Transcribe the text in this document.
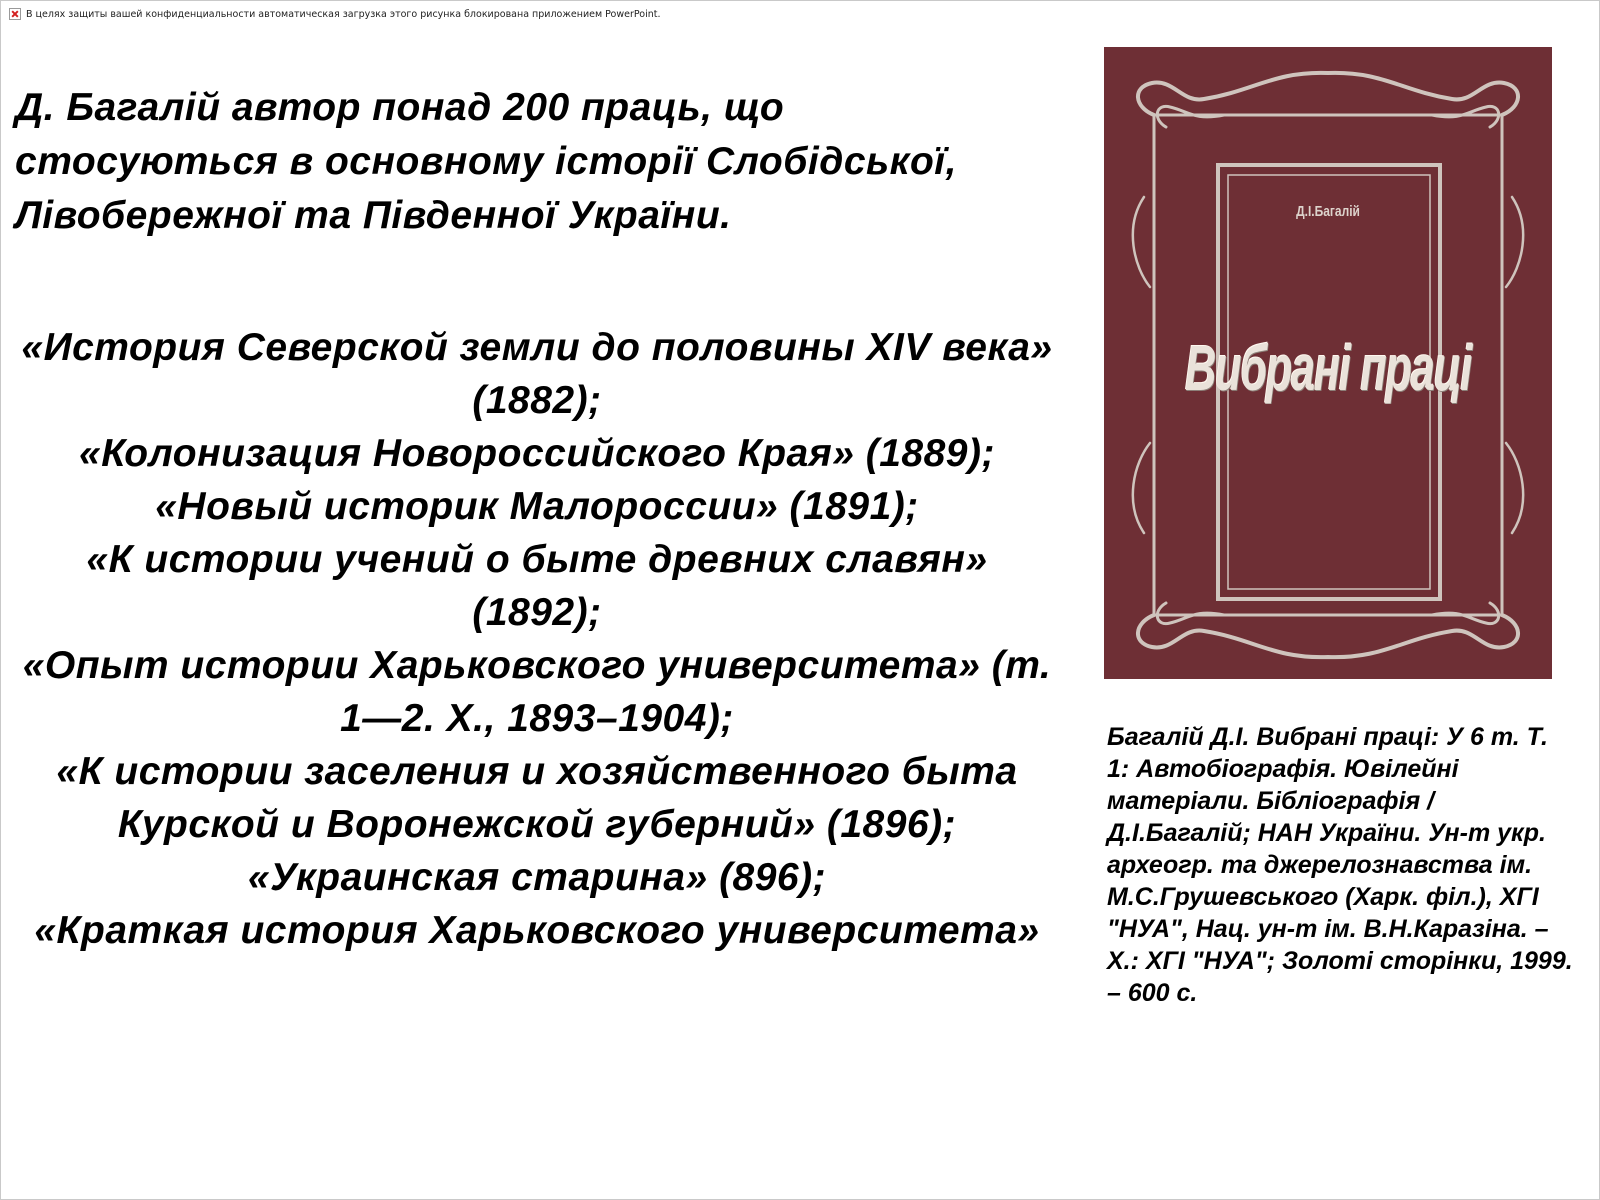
В целях защиты вашей конфиденциальности автоматическая загрузка этого рисунка блокирована приложением PowerPoint.

Д. Багалій автор понад 200 праць, що стосуються в основному історії Слобідської, Лівобережної та Південної України.

«История Северской земли до половины XIV века» (1882);
«Колонизация Новороссийского Края» (1889);
«Новый историк Малороссии» (1891);
«К истории учений о быте древних славян» (1892);
«Опыт истории Харьковского университета» (т. 1—2. Х., 1893–1904);
«К истории заселения и хозяйственного быта Курской и Воронежской губерний» (1896);
«Украинская старина» (896);
«Краткая история Харьковского университета»
Д.І.Багалій
Вибрані праці

Багалій Д.І. Вибрані праці: У 6 т. Т. 1: Автобіографія. Ювілейні матеріали. Бібліографія /Д.І.Багалій; НАН України. Ун-т укр. археогр. та джерелознавства ім. М.С.Грушевського (Харк. філ.), ХГІ "НУА", Нац. ун-т ім. В.Н.Каразіна. – Х.: ХГІ "НУА"; Золоті сторінки, 1999. – 600 с.
